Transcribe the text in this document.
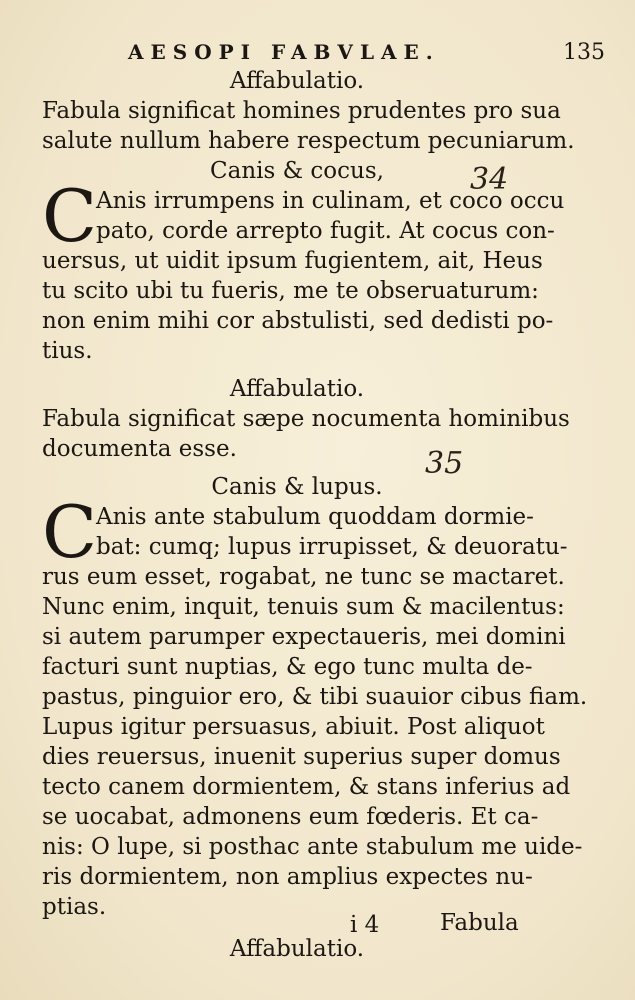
AESOPI FABVLAE.	135
Affabulatio.
Fabula significat homines prudentes pro sua
salute nullum habere respectum pecuniarum.
Canis & cocus,
C
Anis irrumpens in culinam, et coco occu
pato, corde arrepto fugit. At cocus con-
uersus, ut uidit ipsum fugientem, ait, Heus
tu scito ubi tu fueris, me te obseruaturum:
non enim mihi cor abstulisti, sed dedisti po-
tius.
Affabulatio.
Fabula significat sæpe nocumenta hominibus
documenta esse.
Canis & lupus.
C
Anis ante stabulum quoddam dormie-
bat: cumq; lupus irrupisset, & deuoratu-
rus eum esset, rogabat, ne tunc se mactaret.
Nunc enim, inquit, tenuis sum & macilentus:
si autem parumper expectaueris, mei domini
facturi sunt nuptias, & ego tunc multa de-
pastus, pinguior ero, & tibi suauior cibus fiam.
Lupus igitur persuasus, abiuit. Post aliquot
dies reuersus, inuenit superius super domus
tecto canem dormientem, & stans inferius ad
se uocabat, admonens eum fœderis. Et ca-
nis: O lupe, si posthac ante stabulum me uide-
ris dormientem, non amplius expectes nu-
ptias.
Affabulatio.
34
35
i 4	Fabula
